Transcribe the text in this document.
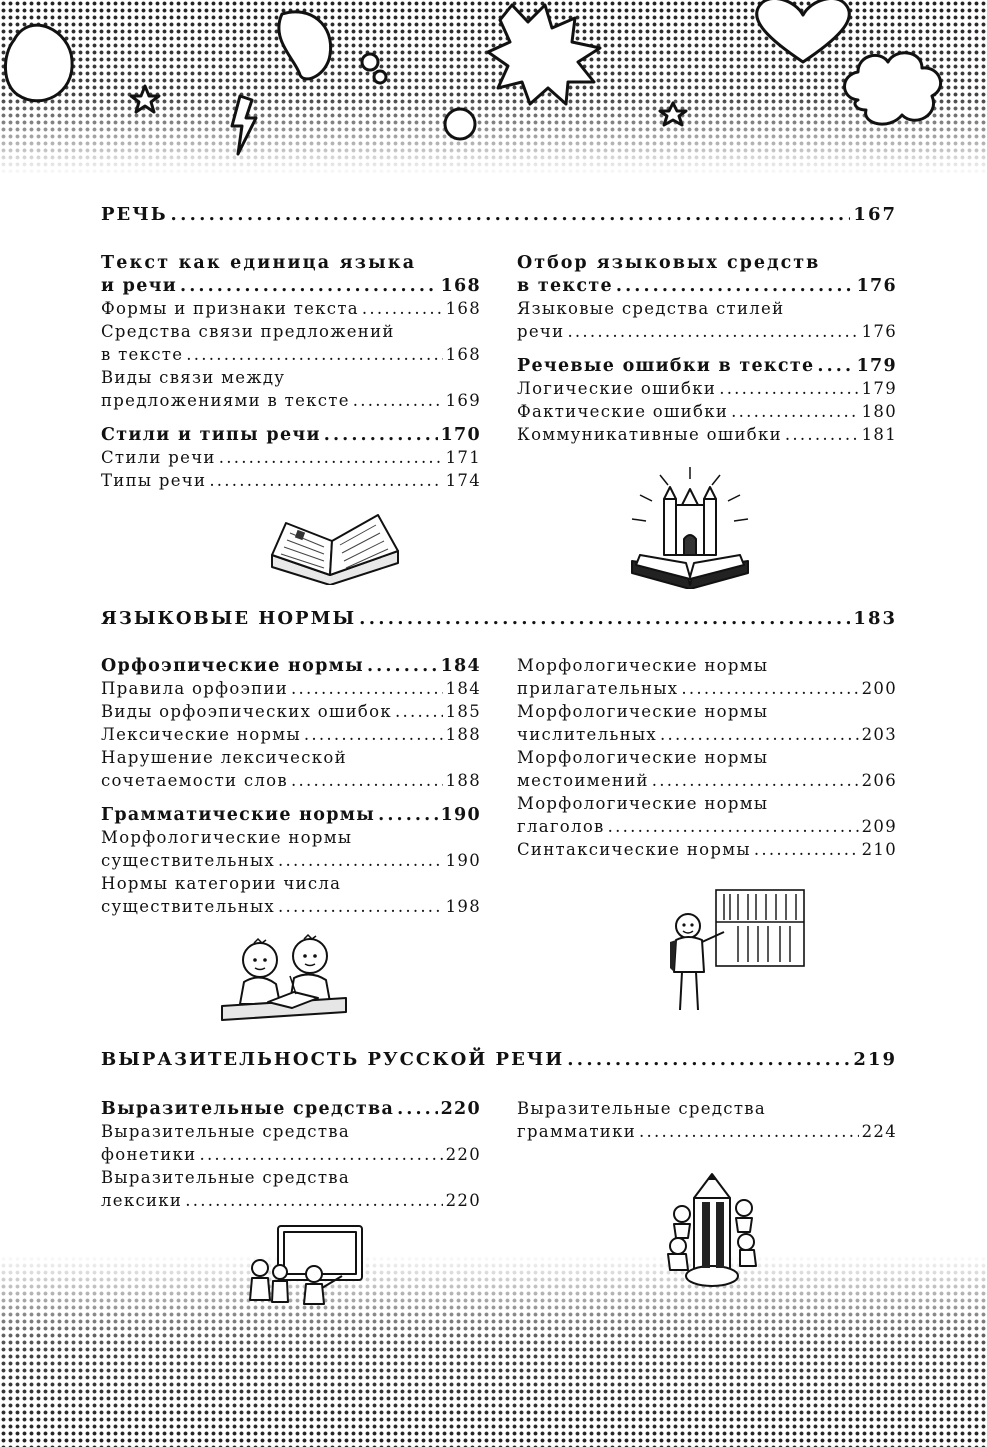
РЕЧЬ . . .	167
Текст как единица языка
и речи . . .	168
Формы и признаки текста . . .	168
Средства связи предложений
в тексте . . .	168
Виды связи между
предложениями в тексте . . .	169
Стили и типы речи . . .	170
Стили речи . . .	171
Типы речи . . .	174
Отбор языковых средств
в тексте . . .	176
Языковые средства стилей
речи . . .	176
Речевые ошибки в тексте . . . 179
Логические ошибки . . .	179
Фактические ошибки . . .	180
Коммуникативные ошибки . . .	181
ЯЗЫКОВЫЕ НОРМЫ . . .	183
Орфоэпические нормы . . .	184
Правила орфоэпии . . .	184
Виды орфоэпических ошибок . . .	185
Лексические нормы . . .	188
Нарушение лексической
сочетаемости слов . . .	188
Грамматические нормы . . .	190
Морфологические нормы
существительных . . .	190
Нормы категории числа
существительных . . .	198
Морфологические нормы
прилагательных . . .	200
Морфологические нормы
числительных . . .	203
Морфологические нормы
местоимений . . .	206
Морфологические нормы
глаголов . . .	209
Синтаксические нормы . . .	210
ВЫРАЗИТЕЛЬНОСТЬ РУССКОЙ РЕЧИ . . .	219
Выразительные средства . . .	220
Выразительные средства
фонетики . . .	220
Выразительные средства
лексики . . .	220
Выразительные средства
грамматики . . .	224
